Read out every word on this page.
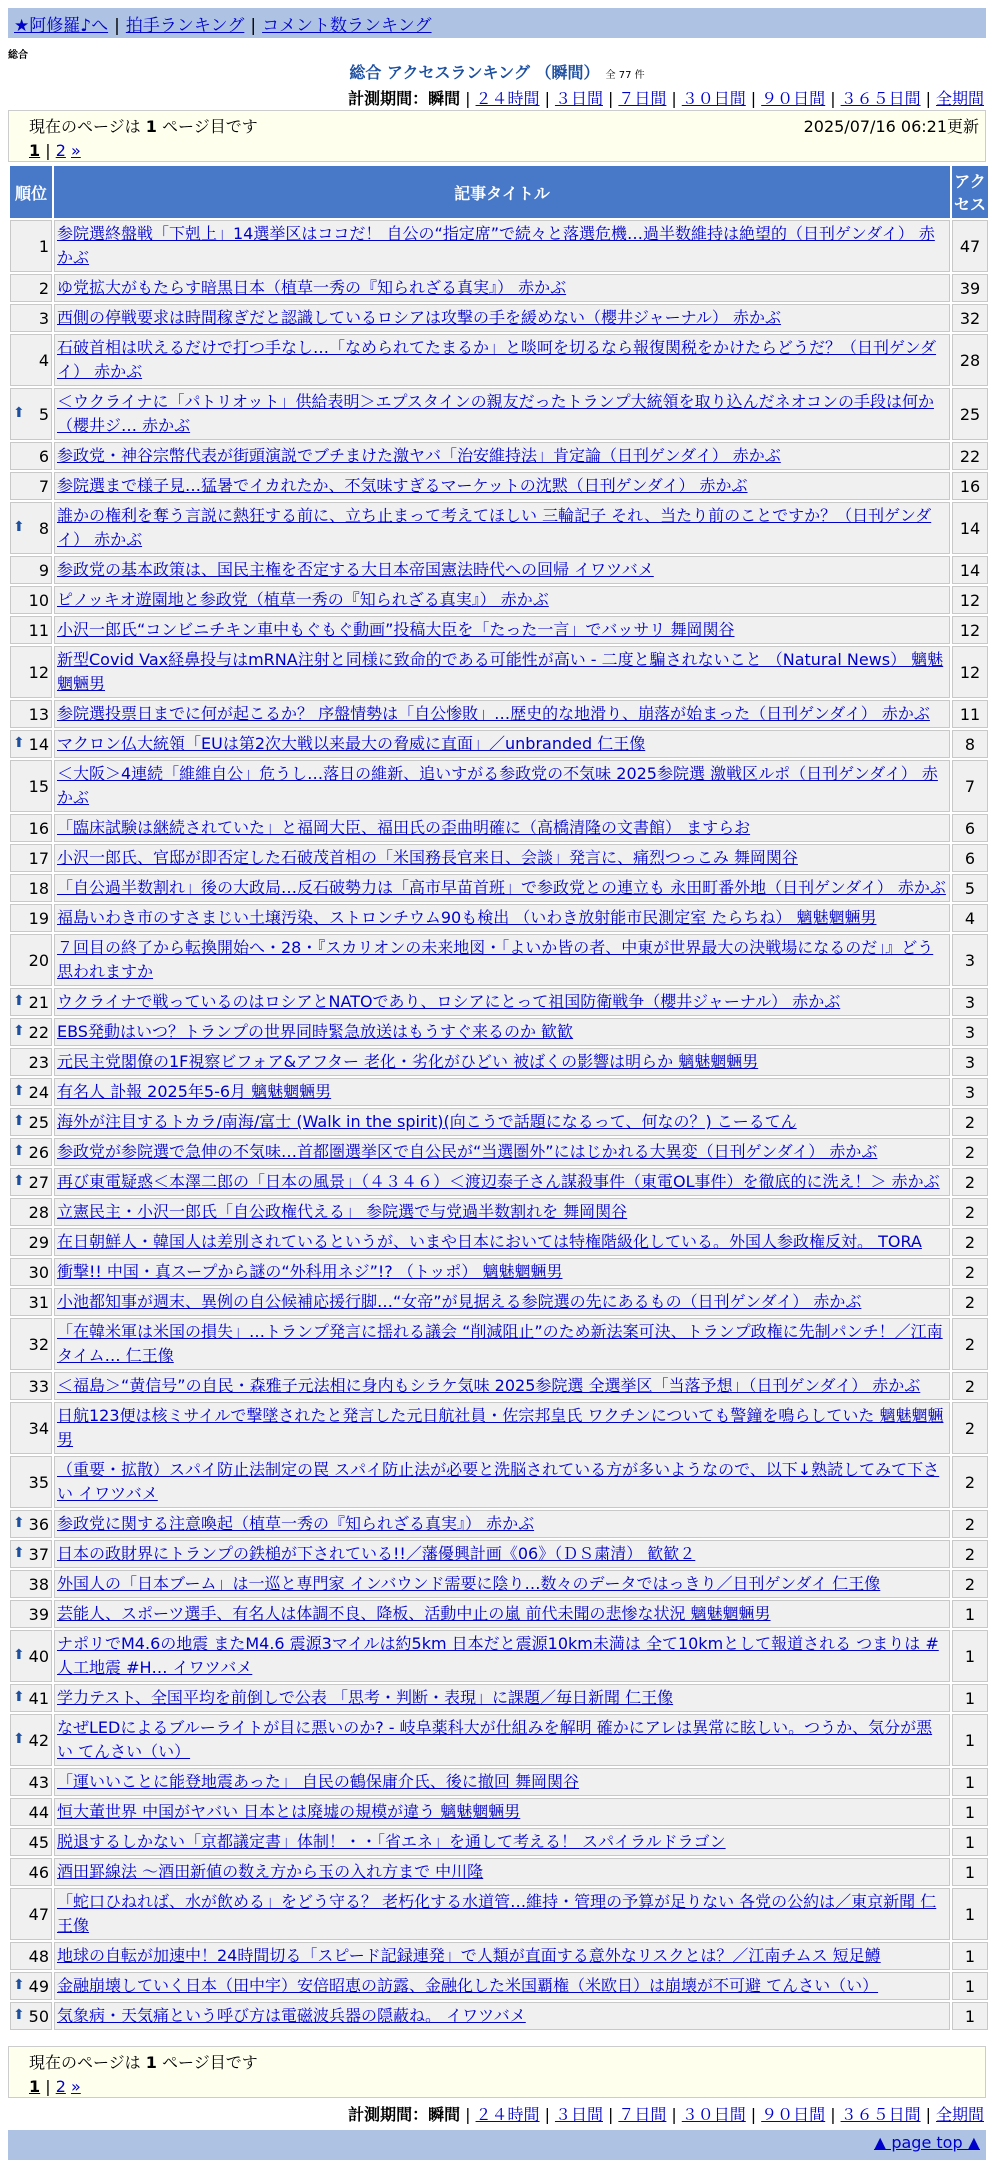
★阿修羅♪へ | 拍手ランキング | コメント数ランキング
総合
総合 アクセスランキング （瞬間） 全 77 件
計測期間：瞬間 | ２４時間 | ３日間 | ７日間 | ３０日間 | ９０日間 | ３６５日間 | 全期間
現在のページは 1 ページ目です	2025/07/16 06:21更新
1 | 2 »
順位	記事タイトル	アクセス
1	参院選終盤戦「下剋上」14選挙区はココだ！ 自公の“指定席”で続々と落選危機…過半数維持は絶望的（日刊ゲンダイ） 赤かぶ	47
2	ゆ党拡大がもたらす暗黒日本（植草一秀の『知られざる真実』） 赤かぶ	39
3	西側の停戦要求は時間稼ぎだと認識しているロシアは攻撃の手を緩めない（櫻井ジャーナル） 赤かぶ	32
4	石破首相は吠えるだけで打つ手なし…「なめられてたまるか」と啖呵を切るなら報復関税をかけたらどうだ？（日刊ゲンダイ） 赤かぶ	28

⬆ 5	＜ウクライナに「パトリオット」供給表明＞エプスタインの親友だったトランプ大統領を取り込んだネオコンの手段は何か（櫻井ジ… 赤かぶ	25
6	参政党・神谷宗幣代表が街頭演説でブチまけた激ヤバ「治安維持法」肯定論（日刊ゲンダイ） 赤かぶ	22
7	参院選まで様子見…猛暑でイカれたか、不気味すぎるマーケットの沈黙（日刊ゲンダイ） 赤かぶ	16

⬆ 8	誰かの権利を奪う言説に熱狂する前に、立ち止まって考えてほしい 三輪記子 それ、当たり前のことですか？（日刊ゲンダイ） 赤かぶ	14
9	参政党の基本政策は、国民主権を否定する大日本帝国憲法時代への回帰 イワツバメ	14
10	ピノッキオ遊園地と参政党（植草一秀の『知られざる真実』） 赤かぶ	12
11	小沢一郎氏“コンビニチキン車中もぐもぐ動画”投稿大臣を「たった一言」でバッサリ 舞岡関谷	12
12	新型Covid Vax経鼻投与はmRNA注射と同様に致命的である可能性が高い - 二度と騙されないこと （Natural News） 魑魅魍魎男	12
13	参院選投票日までに何が起こるか？ 序盤情勢は「自公惨敗」…歴史的な地滑り、崩落が始まった（日刊ゲンダイ） 赤かぶ	11

⬆ 14	マクロン仏大統領「EUは第2次大戦以来最大の脅威に直面」／unbranded 仁王像	8
15	＜大阪＞4連続「維維自公」危うし…落日の維新、追いすがる参政党の不気味 2025参院選 激戦区ルポ（日刊ゲンダイ） 赤かぶ	7
16	「臨床試験は継続されていた」と福岡大臣、福田氏の歪曲明確に（高橋清隆の文書館） ますらお	6
17	小沢一郎氏、官邸が即否定した石破茂首相の「米国務長官来日、会談」発言に、痛烈つっこみ 舞岡関谷	6
18	「自公過半数割れ」後の大政局…反石破勢力は「高市早苗首班」で参政党との連立も 永田町番外地（日刊ゲンダイ） 赤かぶ	5
19	福島いわき市のすさまじい土壌汚染、ストロンチウム90も検出 （いわき放射能市民測定室 たらちね） 魑魅魍魎男	4
20	７回目の終了から転換開始へ・28・『スカリオンの未来地図・「よいか皆の者、中東が世界最大の決戦場になるのだ」』どう思われますか	3

⬆ 21	ウクライナで戦っているのはロシアとNATOであり、ロシアにとって祖国防衛戦争（櫻井ジャーナル） 赤かぶ	3

⬆ 22	EBS発動はいつ？トランプの世界同時緊急放送はもうすぐ来るのか 歓歓	3
23	元民主党閣僚の1F視察ビフォア&アフター 老化・劣化がひどい 被ばくの影響は明らか 魑魅魍魎男	3

⬆ 24	有名人 訃報 2025年5-6月 魑魅魍魎男	3

⬆ 25	海外が注目するトカラ/南海/富士 (Walk in the spirit)(向こうで話題になるって、何なの？) こーるてん	2

⬆ 26	参政党が参院選で急伸の不気味…首都圏選挙区で自公民が“当選圏外”にはじかれる大異変（日刊ゲンダイ） 赤かぶ	2

⬆ 27	再び東電疑惑＜本澤二郎の「日本の風景」（４３４６）＜渡辺泰子さん謀殺事件（東電OL事件）を徹底的に洗え！＞ 赤かぶ	2
28	立憲民主・小沢一郎氏「自公政権代える」 参院選で与党過半数割れを 舞岡関谷	2
29	在日朝鮮人・韓国人は差別されているというが、いまや日本においては特権階級化している。外国人参政権反対。 TORA	2
30	衝撃!! 中国・真スープから謎の“外科用ネジ”!? （トッポ） 魑魅魍魎男	2
31	小池都知事が週末、異例の自公候補応援行脚…“女帝”が見据える参院選の先にあるもの（日刊ゲンダイ） 赤かぶ	2
32	「在韓米軍は米国の損失」…トランプ発言に揺れる議会 “削減阻止”のため新法案可決、トランプ政権に先制パンチ！／江南タイム… 仁王像	2
33	＜福島＞“黄信号”の自民・森雅子元法相に身内もシラケ気味 2025参院選 全選挙区「当落予想」（日刊ゲンダイ） 赤かぶ	2
34	日航123便は核ミサイルで撃墜されたと発言した元日航社員・佐宗邦皇氏 ワクチンについても警鐘を鳴らしていた 魑魅魍魎男	2
35	（重要・拡散）スパイ防止法制定の罠 スパイ防止法が必要と洗脳されている方が多いようなので、以下↓熟読してみて下さい イワツバメ	2

⬆ 36	参政党に関する注意喚起（植草一秀の『知られざる真実』） 赤かぶ	2

⬆ 37	日本の政財界にトランプの鉄槌が下されている!!／藩優興計画《06》（ＤＳ粛清） 歓歓２	2
38	外国人の「日本ブーム」は一巡と専門家 インバウンド需要に陰り…数々のデータではっきり／日刊ゲンダイ 仁王像	2
39	芸能人、スポーツ選手、有名人は体調不良、降板、活動中止の嵐 前代未聞の悲惨な状況 魑魅魍魎男	1

⬆ 40	ナポリでM4.6の地震 またM4.6 震源3マイルは約5km 日本だと震源10km未満は 全て10kmとして報道される つまりは #人工地震 #H… イワツバメ	1

⬆ 41	学力テスト、全国平均を前倒しで公表 「思考・判断・表現」に課題／毎日新聞 仁王像	1

⬆ 42	なぜLEDによるブルーライトが目に悪いのか? - 岐阜薬科大が仕組みを解明 確かにアレは異常に眩しい。つうか、気分が悪い てんさい（い）	1
43	「運いいことに能登地震あった」 自民の鶴保庸介氏、後に撤回 舞岡関谷	1
44	恒大董世界 中国がヤバい 日本とは廃墟の規模が違う 魑魅魍魎男	1
45	脱退するしかない「京都議定書」体制！・・「省エネ」を通して考える！ スパイラルドラゴン	1
46	酒田罫線法 〜酒田新値の数え方から玉の入れ方まで 中川隆	1
47	「蛇口ひねれば、水が飲める」をどう守る？ 老朽化する水道管…維持・管理の予算が足りない 各党の公約は／東京新聞 仁王像	1
48	地球の自転が加速中！24時間切る「スピード記録連発」で人類が直面する意外なリスクとは？／江南チムス 短足鱒	1

⬆ 49	金融崩壊していく日本（田中宇）安倍昭恵の訪露、金融化した米国覇権（米欧日）は崩壊が不可避 てんさい（い）	1

⬆ 50	気象病・天気痛という呼び方は電磁波兵器の隠蔽ね。 イワツバメ	1
現在のページは 1 ページ目です
1 | 2 »
計測期間：瞬間 | ２４時間 | ３日間 | ７日間 | ３０日間 | ９０日間 | ３６５日間 | 全期間
▲ page top ▲
